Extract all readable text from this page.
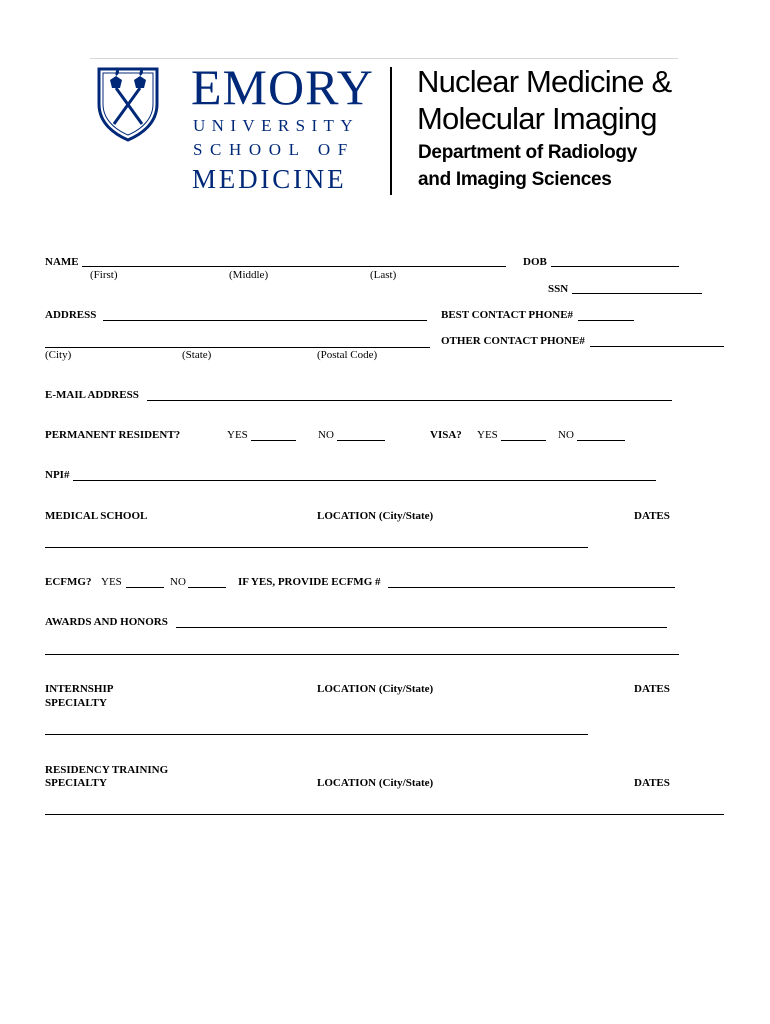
EMORY
UNIVERSITY
SCHOOL OF
MEDICINE
Nuclear Medicine &
Molecular Imaging
Department of Radiology
and Imaging Sciences
NAME
(First)	(Middle)	(Last)
DOB
SSN
ADDRESS	BEST CONTACT PHONE#
OTHER CONTACT PHONE#
(City)	(State)	(Postal Code)
E-MAIL ADDRESS
PERMANENT RESIDENT?	YES	NO	VISA? YES	NO
NPI#
MEDICAL SCHOOL	LOCATION (City/State)	DATES
ECFMG? YES	NO	IF YES, PROVIDE ECFMG #
AWARDS AND HONORS
INTERNSHIP
SPECIALTY
LOCATION (City/State)	DATES
RESIDENCY TRAINING
SPECIALTY	LOCATION (City/State)	DATES
